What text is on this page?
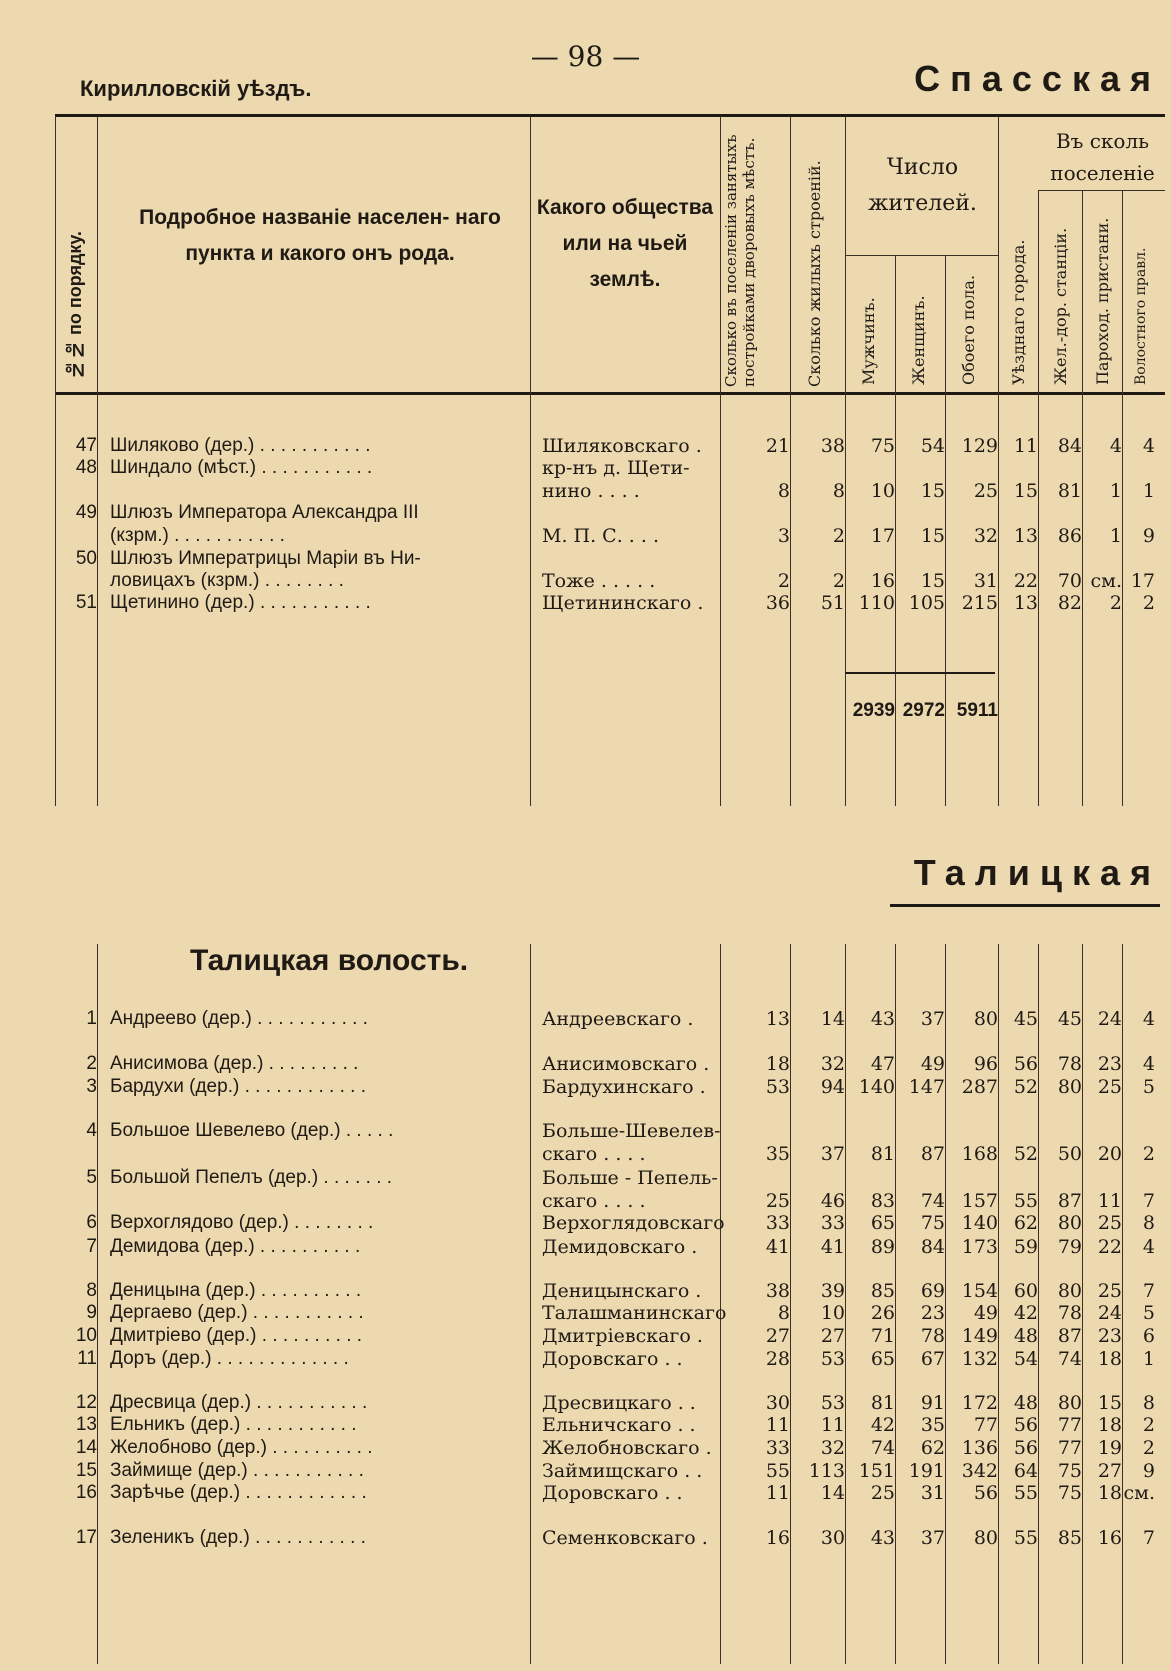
— 98 —
Кирилловскій уѣздъ.	Спасская
№№ по порядку.
Подробное названіе населен- наго пункта и какого онъ рода.
Какого общества или на чьей землѣ.	Сколько въ поселеніи занятыхъ постройками дворовыхъ мѣстъ.	Сколько жилыхъ строеній.	Число жителей.
Мужчинъ. Женщинъ. Обоего пола.
Въ сколь поселеніе
Уѣзднаго города. Жел.-дор. станціи. Пароход. пристани. Волостного правл.
47 Шиляково (дер.) . . . . . . . . . . .	Шиляковскаго .	21	38	75	54 129 11	84	4	4
48 Шиндало (мѣст.) . . . . . . . . . . .	кр-нъ д. Щети-
нино . . . .	8	8	10	15	25 15	81	1	1
49 Шлюзъ Императора Александра III
(кзрм.) . . . . . . . . . . .	М. П. С. . . .	3	2	17	15	32 13	86	1	9
50 Шлюзъ Императрицы Маріи въ Ни-
ловицахъ (кзрм.) . . . . . . . .	Тоже . . . . .	2	2	16	15	31 22	70 см. 17
51 Щетинино (дер.) . . . . . . . . . . .	Щетининскаго .	36	51 110 105 215 13	82	2	2
2939 2972 5911
Талицкая
Талицкая волость.
1 Андреево (дер.) . . . . . . . . . . .	Андреевскаго .	13	14	43	37	80 45	45 24	4
2 Анисимова (дер.) . . . . . . . . .	Анисимовскаго .	18	32	47	49	96 56	78 23	4
3 Бардухи (дер.) . . . . . . . . . . . .	Бардухинскаго .	53	94 140 147 287 52	80 25	5
4 Большое Шевелево (дер.) . . . . .	Больше-Шевелев-
скаго . . . .	35	37	81	87 168 52	50 20	2
5 Большой Пепелъ (дер.) . . . . . . .	Больше - Пепель-
скаго . . . .	25	46	83	74 157 55	87 11	7
6 Верхоглядово (дер.) . . . . . . . .	Верхоглядовскаго	33	33	65	75 140 62	80 25	8
7 Демидова (дер.) . . . . . . . . . .	Демидовскаго .	41	41	89	84 173 59	79 22	4
8 Деницына (дер.) . . . . . . . . . .	Деницынскаго .	38	39	85	69 154 60	80 25	7
9 Дергаево (дер.) . . . . . . . . . . .	Талашманинскаго	8	10	26	23	49 42	78 24	5
10 Дмитріево (дер.) . . . . . . . . . .	Дмитріевскаго .	27	27	71	78 149 48	87 23	6
11 Доръ (дер.) . . . . . . . . . . . . .	Доровскаго . .	28	53	65	67 132 54	74 18	1
12 Дресвица (дер.) . . . . . . . . . . .	Дресвицкаго . .	30	53	81	91 172 48	80 15	8
13 Ельникъ (дер.) . . . . . . . . . . .	Ельничскаго . .	11	11	42	35	77 56	77 18	2
14 Желобново (дер.) . . . . . . . . . .	Желобновскаго .	33	32	74	62 136 56	77 19	2
15 Займище (дер.) . . . . . . . . . . .	Займищскаго . .	55 113 151 191 342 64	75 27	9
16 Зарѣчье (дер.) . . . . . . . . . . . .	Доровскаго . .	11	14	25	31	56 55	75 18 см.
17 Зеленикъ (дер.) . . . . . . . . . . .	Семенковскаго .	16	30	43	37	80 55	85 16	7
